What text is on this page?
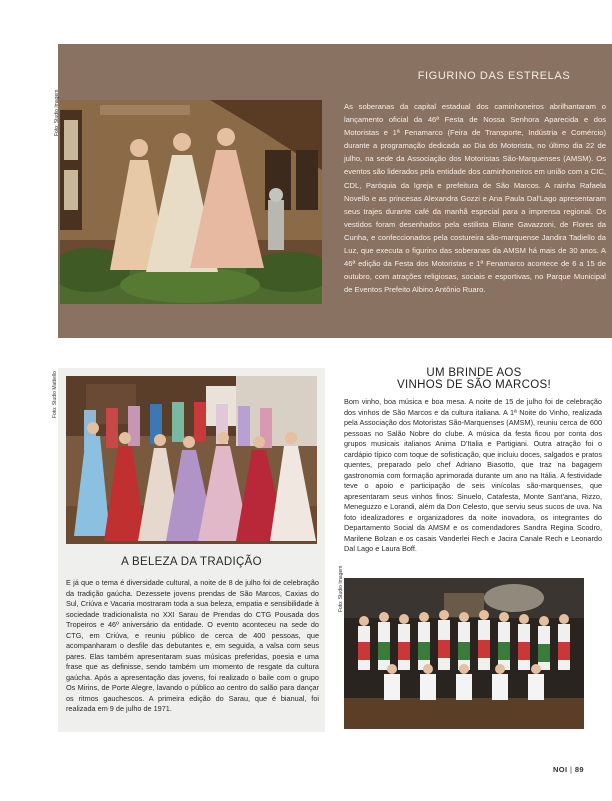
FIGURINO DAS ESTRELAS
Foto: Studio Imagem	As soberanas da capital estadual dos caminhoneiros abrilhantaram o lançamento oficial da 46ª Festa de Nossa Senhora Aparecida e dos Motoristas e 1ª Fenamarco (Feira de Transporte, Indústria e Comércio) durante a programação dedicada ao Dia do Motorista, no último dia 22 de julho, na sede da Associação dos Motoristas São-Marquenses (AMSM). Os eventos são liderados pela entidade dos caminhoneiros em união com a CIC, CDL, Paróquia da Igreja e prefeitura de São Marcos. A rainha Rafaela Novello e as princesas Alexandra Gozzi e Ana Paula Dal'Lago apresentaram seus trajes durante café da manhã especial para a imprensa regional. Os vestidos foram desenhados pela estilista Eliane Gavazzoni, de Flores da Cunha, e confeccionados pela costureira são-marquense Jandira Tadiello da Luz, que executa o figurino das soberanas da AMSM há mais de 30 anos. A 46ª edição da Festa dos Motoristas e 1ª Fenamarco acontece de 6 a 15 de outubro, com atrações religiosas, sociais e esportivas, no Parque Municipal de Eventos Prefeito Albino Antônio Ruaro.
Foto: Studio Mattiello
A BELEZA DA TRADIÇÃO
E já que o tema é diversidade cultural, a noite de 8 de julho foi de celebração da tradição gaúcha. Dezessete jovens prendas de São Marcos, Caxias do Sul, Criúva e Vacaria mostraram toda a sua beleza, empatia e sensibilidade à sociedade tradicionalista no XXI Sarau de Prendas do CTG Pousada dos Tropeiros e 46º aniversário da entidade. O evento aconteceu na sede do CTG, em Criúva, e reuniu público de cerca de 400 pessoas, que acompanharam o desfile das debutantes e, em seguida, a valsa com seus pares. Elas também apresentaram suas músicas preferidas, poesia e uma frase que as definisse, sendo também um momento de resgate da cultura gaúcha. Após a apresentação das jovens, foi realizado o baile com o grupo Os Mirins, de Porte Alegre, lavando o público ao centro do salão para dançar os ritmos gauchescos. A primeira edição do Sarau, que é bianual, foi realizada em 9 de julho de 1971.
UM BRINDE AOS
VINHOS DE SÃO MARCOS!
Bom vinho, boa música e boa mesa. A noite de 15 de julho foi de celebração dos vinhos de São Marcos e da cultura italiana. A 1ª Noite do Vinho, realizada pela Associação dos Motoristas São-Marquenses (AMSM), reuniu cerca de 600 pessoas no Salão Nobre do clube. A música da festa ficou por conta dos grupos musicais italianos Anima D'Italia e Partigiani. Outra atração foi o cardápio típico com toque de sofisticação, que incluiu doces, salgados e pratos quentes, preparado pelo chef Adriano Biasotto, que traz na bagagem gastronomia com formação aprimorada durante um ano na Itália. A festividade teve o apoio e participação de seis vinícolas são-marquenses, que apresentaram seus vinhos finos: Sinuelo, Catafesta, Monte Sant'ana, Rizzo, Meneguzzo e Lorandi, além da Don Celesto, que serviu seus sucos de uva. Na foto idealizadores e organizadores da noite inovadora, os integrantes do Departamento Social da AMSM e os comendadores Sandra Regina Scodro, Marilene Bolzan e os casais Vanderlei Rech e Jacira Canale Rech e Leonardo Dal Lago e Laura Boff.
Foto: Studio Imagem
NOI | 89
